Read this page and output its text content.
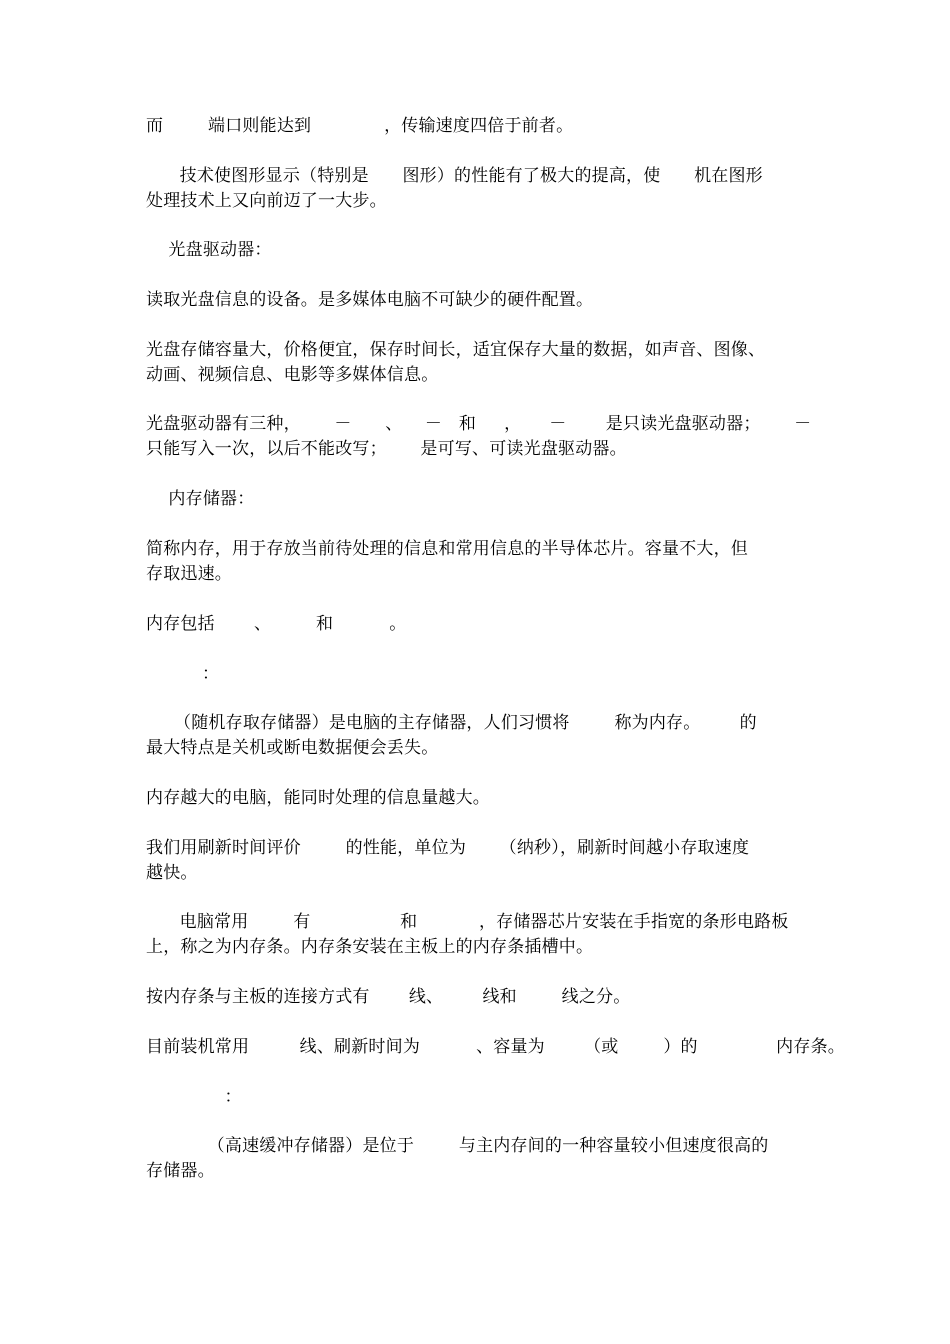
而        端口则能达到             ，传输速度四倍于前者。
技术使图形显示（特别是      图形）的性能有了极大的提高，使      机在图形
处理技术上又向前迈了一大步。
光盘驱动器：
读取光盘信息的设备。是多媒体电脑不可缺少的硬件配置。
光盘存储容量大，价格便宜，保存时间长，适宜保存大量的数据，如声音、图像、
动画、视频信息、电影等多媒体信息。
光盘驱动器有三种，      －      、    －   和     ，     －       是只读光盘驱动器；      －
只能写入一次，以后不能改写；      是可写、可读光盘驱动器。
内存储器：
简称内存，用于存放当前待处理的信息和常用信息的半导体芯片。容量不大，但
存取迅速。
内存包括       、        和          。
：
（随机存取存储器）是电脑的主存储器，人们习惯将        称为内存。       的
最大特点是关机或断电数据便会丢失。
内存越大的电脑，能同时处理的信息量越大。
我们用刷新时间评价        的性能，单位为      （纳秒），刷新时间越小存取速度
越快。
电脑常用        有                和           ，存储器芯片安装在手指宽的条形电路板
上，称之为内存条。内存条安装在主板上的内存条插槽中。
按内存条与主板的连接方式有       线、       线和        线之分。
目前装机常用         线、刷新时间为          、容量为       （或        ）的              内存条。
：
（高速缓冲存储器）是位于        与主内存间的一种容量较小但速度很高的
存储器。
